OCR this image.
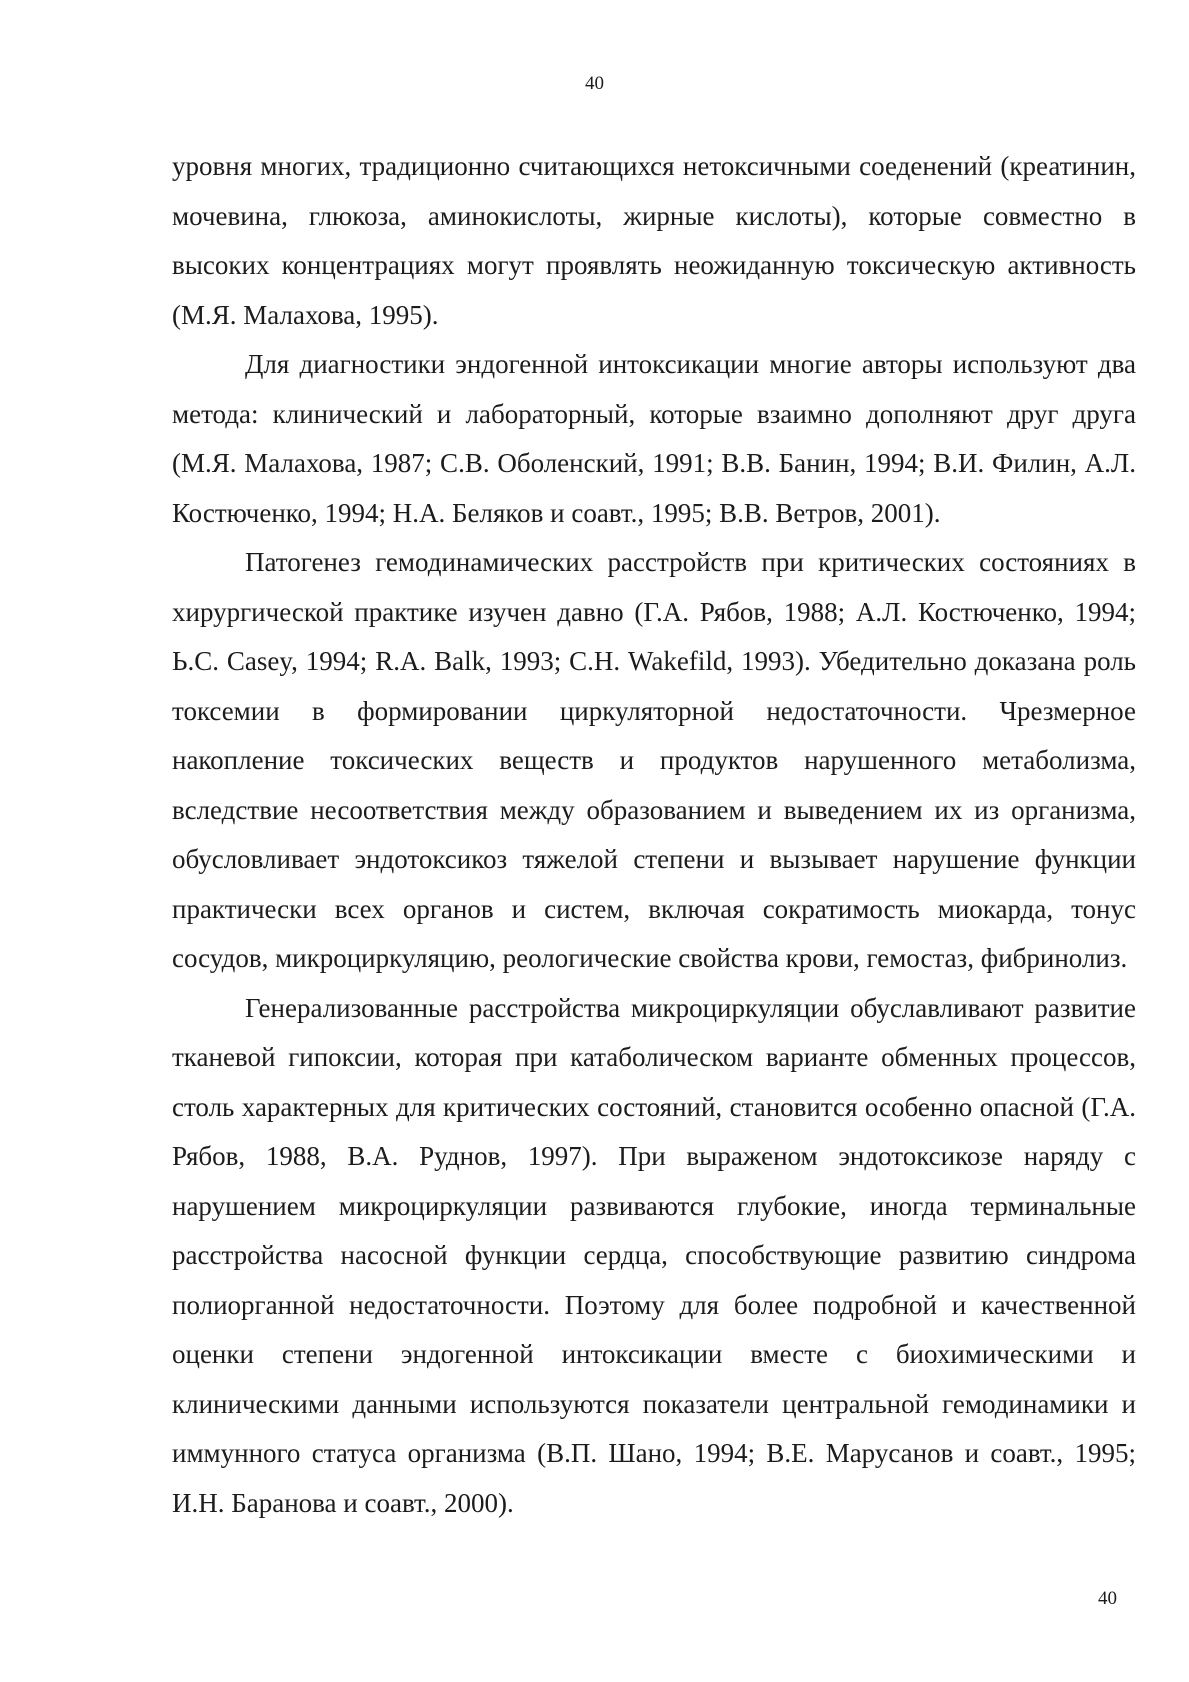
40

уровня многих, традиционно считающихся нетоксичными соеденений (креатинин, мочевина, глюкоза, аминокислоты, жирные кислоты), которые совместно в высоких концентрациях могут проявлять неожиданную токсическую активность (М.Я. Малахова, 1995).

Для диагностики эндогенной интоксикации многие авторы используют два метода: клинический и лабораторный, которые взаимно дополняют друг друга (М.Я. Малахова, 1987; С.В. Оболенский, 1991; В.В. Банин, 1994; В.И. Филин, А.Л. Костюченко, 1994; Н.А. Беляков и соавт., 1995; В.В. Ветров, 2001).

Патогенез гемодинамических расстройств при критических состояниях в хирургической практике изучен давно (Г.А. Рябов, 1988; А.Л. Костюченко, 1994; Ь.С. Casey, 1994; R.A. Balk, 1993; С.Н. Wakefild, 1993). Убедительно доказана роль токсемии в формировании циркуляторной недостаточности. Чрезмерное накопление токсических веществ и продуктов нарушенного метаболизма, вследствие несоответствия между образованием и выведением их из организма, обусловливает эндотоксикоз тяжелой степени и вызывает нарушение функции практически всех органов и систем, включая сократимость миокарда, тонус сосудов, микроциркуляцию, реологические свойства крови, гемостаз, фибринолиз.

Генерализованные расстройства микроциркуляции обуславливают развитие тканевой гипоксии, которая при катаболическом варианте обменных процессов, столь характерных для критических состояний, становится особенно опасной (Г.А. Рябов, 1988, В.А. Руднов, 1997). При выраженом эндотоксикозе наряду с нарушением микроциркуляции развиваются глубокие, иногда терминальные расстройства насосной функции сердца, способствующие развитию синдрома полиорганной недостаточности. Поэтому для более подробной и качественной оценки степени эндогенной интоксикации вместе с биохимическими и клиническими данными используются показатели центральной гемодинамики и иммунного статуса организма (В.П. Шано, 1994; В.Е. Марусанов и соавт., 1995; И.Н. Баранова и соавт., 2000).

40
